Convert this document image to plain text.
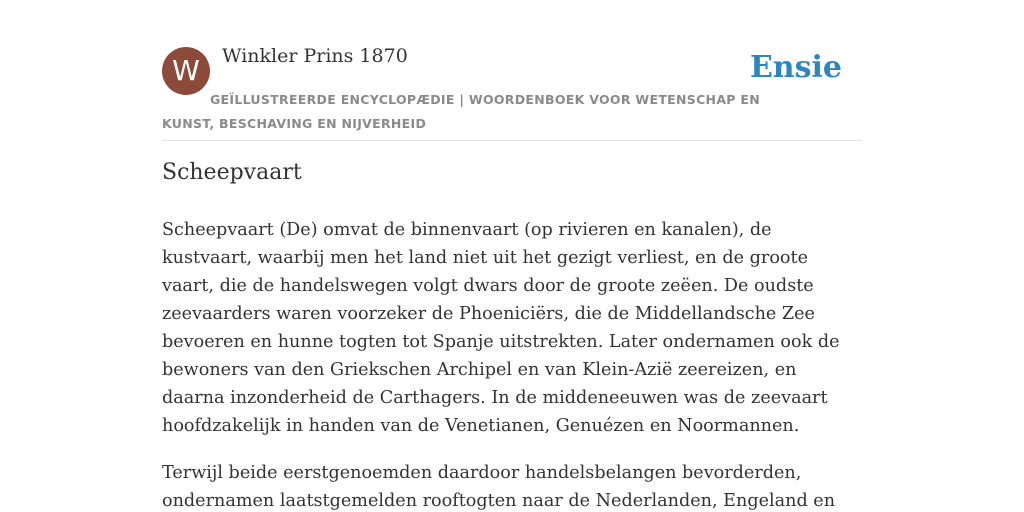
W	Winkler Prins 1870	Ensie
GEÏLLUSTREERDE ENCYCLOPÆDIE | WOORDENBOEK VOOR WETENSCHAP EN KUNST, BESCHAVING EN NIJVERHEID
Scheepvaart

Scheepvaart (De) omvat de binnenvaart (op rivieren en kanalen), de kustvaart, waarbij men het land niet uit het gezigt verliest, en de groote vaart, die de handelswegen volgt dwars door de groote zeëen. De oudste zeevaarders waren voorzeker de Phoeniciërs, die de Middellandsche Zee bevoeren en hunne togten tot Spanje uitstrekten. Later ondernamen ook de bewoners van den Griekschen Archipel en van Klein-Azië zeereizen, en daarna inzonderheid de Carthagers. In de middeneeuwen was de zeevaart hoofdzakelijk in handen van de Venetianen, Genuézen en Noormannen.

Terwijl beide eerstgenoemden daardoor handelsbelangen bevorderden, ondernamen laatstgemelden rooftogten naar de Nederlanden, Engeland en
